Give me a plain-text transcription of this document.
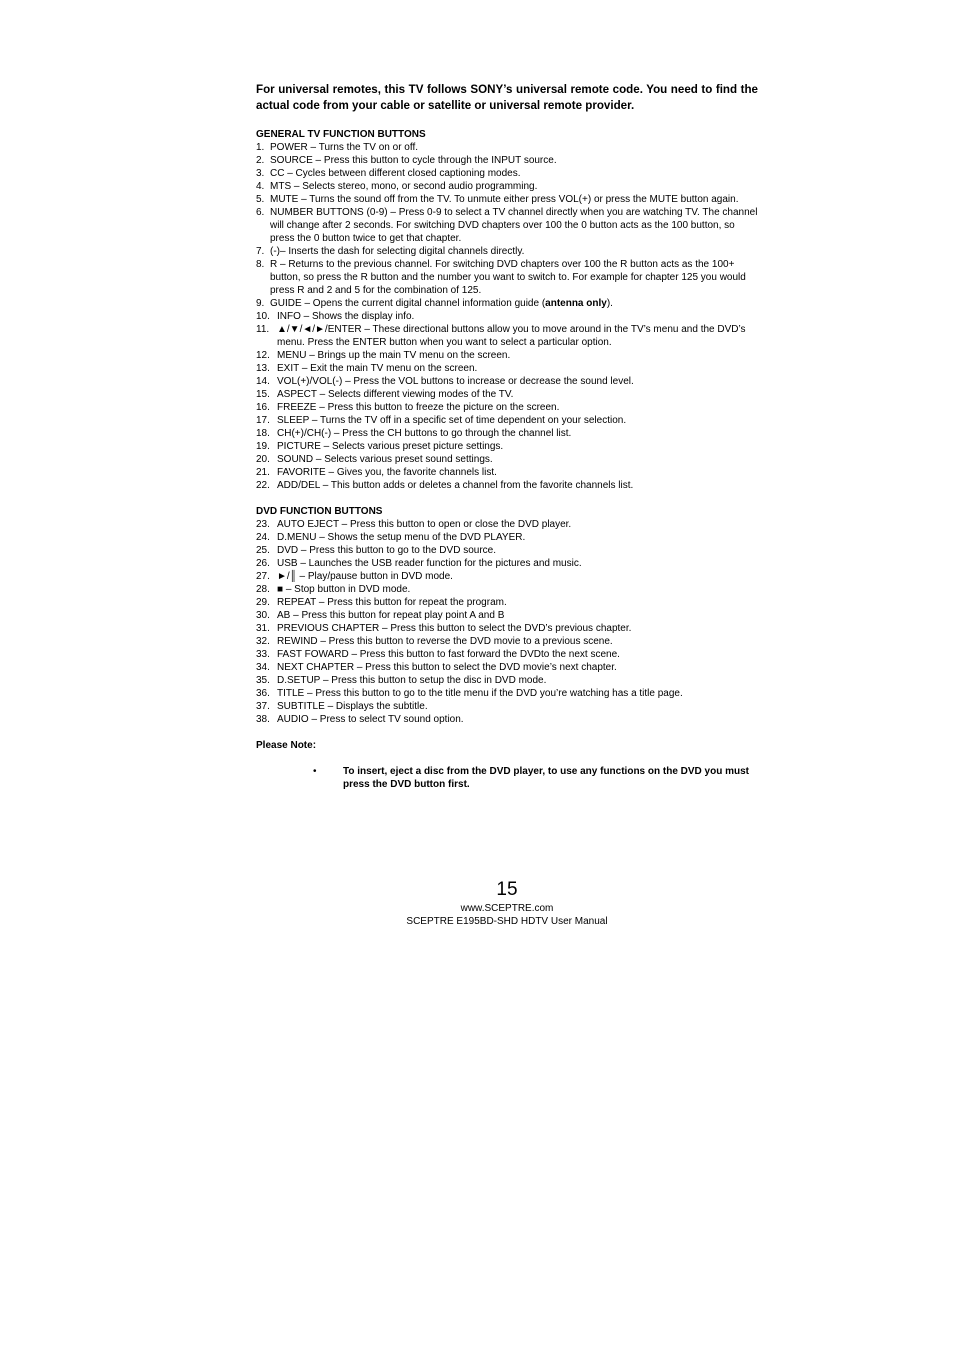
For universal remotes, this TV follows SONY’s universal remote code. You need to find the actual code from your cable or satellite or universal remote provider.

GENERAL TV FUNCTION BUTTONS

1. POWER – Turns the TV on or off.
2. SOURCE – Press this button to cycle through the INPUT source.
3. CC – Cycles between different closed captioning modes.
4. MTS – Selects stereo, mono, or second audio programming.
5. MUTE – Turns the sound off from the TV. To unmute either press VOL(+) or press the MUTE button again.
6. NUMBER BUTTONS (0-9) – Press 0-9 to select a TV channel directly when you are watching TV. The channel will change after 2 seconds. For switching DVD chapters over 100 the 0 button acts as the 100 button, so press the 0 button twice to get that chapter.
7. (-)– Inserts the dash for selecting digital channels directly.
8. R – Returns to the previous channel. For switching DVD chapters over 100 the R button acts as the 100+ button, so press the R button and the number you want to switch to. For example for chapter 125 you would press R and 2 and 5 for the combination of 125.
9. GUIDE – Opens the current digital channel information guide (antenna only).
10. INFO – Shows the display info.
11. ▲/▼/◄/►/ENTER – These directional buttons allow you to move around in the TV’s menu and the DVD’s menu. Press the ENTER button when you want to select a particular option.
12. MENU – Brings up the main TV menu on the screen.
13. EXIT – Exit the main TV menu on the screen.
14. VOL(+)/VOL(-) – Press the VOL buttons to increase or decrease the sound level.
15. ASPECT – Selects different viewing modes of the TV.
16. FREEZE – Press this button to freeze the picture on the screen.
17. SLEEP – Turns the TV off in a specific set of time dependent on your selection.
18. CH(+)/CH(-) – Press the CH buttons to go through the channel list.
19. PICTURE – Selects various preset picture settings.
20. SOUND – Selects various preset sound settings.
21. FAVORITE – Gives you, the favorite channels list.
22. ADD/DEL – This button adds or deletes a channel from the favorite channels list.

DVD FUNCTION BUTTONS

23. AUTO EJECT – Press this button to open or close the DVD player.
24. D.MENU – Shows the setup menu of the DVD PLAYER.
25. DVD – Press this button to go to the DVD source.
26. USB – Launches the USB reader function for the pictures and music.
27. ►/║ – Play/pause button in DVD mode.
28. ■ – Stop button in DVD mode.
29. REPEAT – Press this button for repeat the program.
30. AB – Press this button for repeat play point A and B
31. PREVIOUS CHAPTER – Press this button to select the DVD’s previous chapter.
32. REWIND – Press this button to reverse the DVD movie to a previous scene.
33. FAST FOWARD – Press this button to fast forward the DVDto the next scene.
34. NEXT CHAPTER – Press this button to select the DVD movie’s next chapter.
35. D.SETUP – Press this button to setup the disc in DVD mode.
36. TITLE – Press this button to go to the title menu if the DVD you’re watching has a title page.
37. SUBTITLE – Displays the subtitle.
38. AUDIO – Press to select TV sound option.

Please Note:

•	To insert, eject a disc from the DVD player, to use any functions on the DVD you must press the DVD button first.
15
www.SCEPTRE.com
SCEPTRE E195BD-SHD HDTV User Manual
